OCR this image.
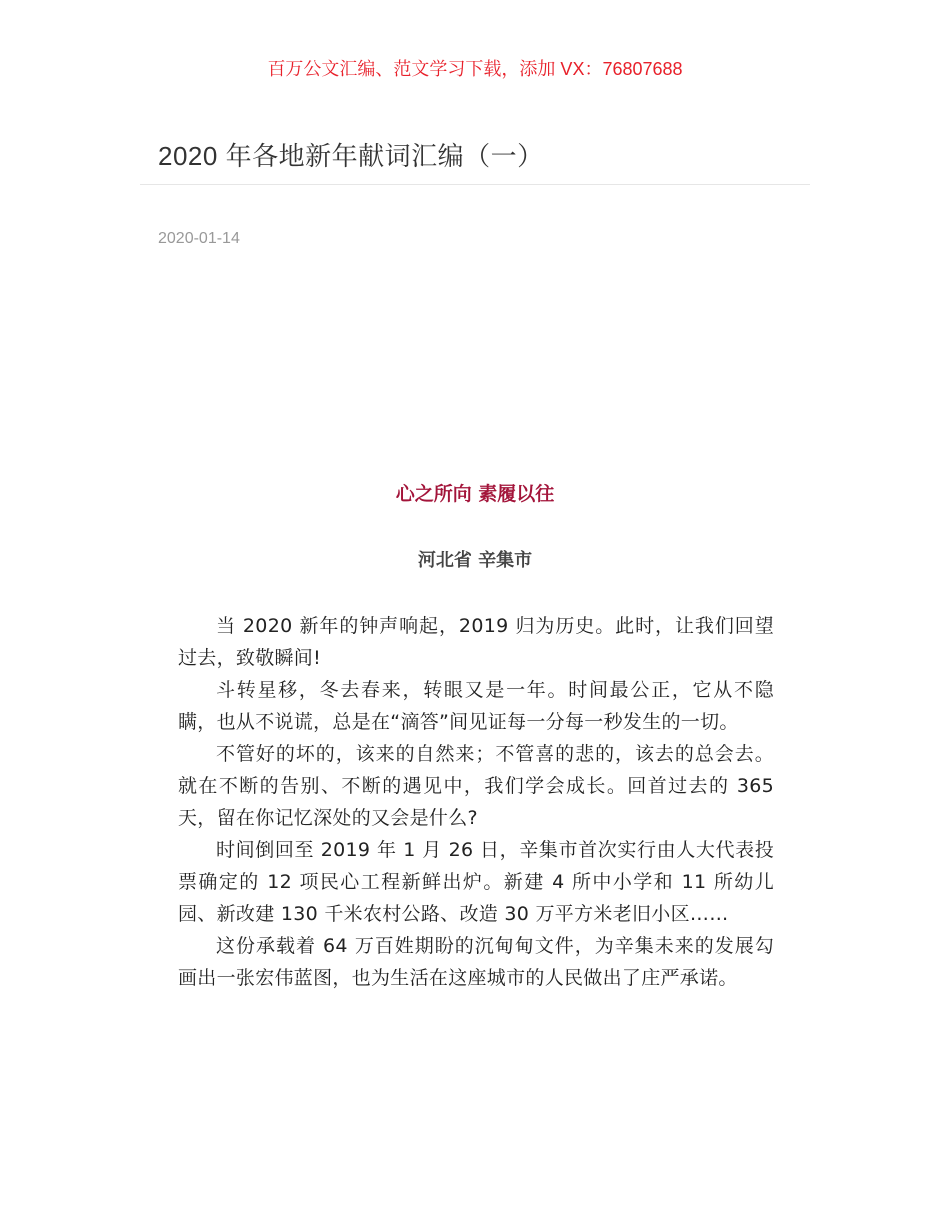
百万公文汇编、范文学习下载，添加 VX：76807688
2020 年各地新年献词汇编（一）
2020-01-14
心之所向 素履以往
河北省 辛集市

当 2020 新年的钟声响起，2019 归为历史。此时，让我们回望过去，致敬瞬间!

斗转星移，冬去春来，转眼又是一年。时间最公正，它从不隐瞒，也从不说谎，总是在“滴答”间见证每一分每一秒发生的一切。

不管好的坏的，该来的自然来；不管喜的悲的，该去的总会去。就在不断的告别、不断的遇见中，我们学会成长。回首过去的 365 天，留在你记忆深处的又会是什么?

时间倒回至 2019 年 1 月 26 日，辛集市首次实行由人大代表投票确定的 12 项民心工程新鲜出炉。新建 4 所中小学和 11 所幼儿园、新改建 130 千米农村公路、改造 30 万平方米老旧小区……

这份承载着 64 万百姓期盼的沉甸甸文件，为辛集未来的发展勾画出一张宏伟蓝图，也为生活在这座城市的人民做出了庄严承诺。
